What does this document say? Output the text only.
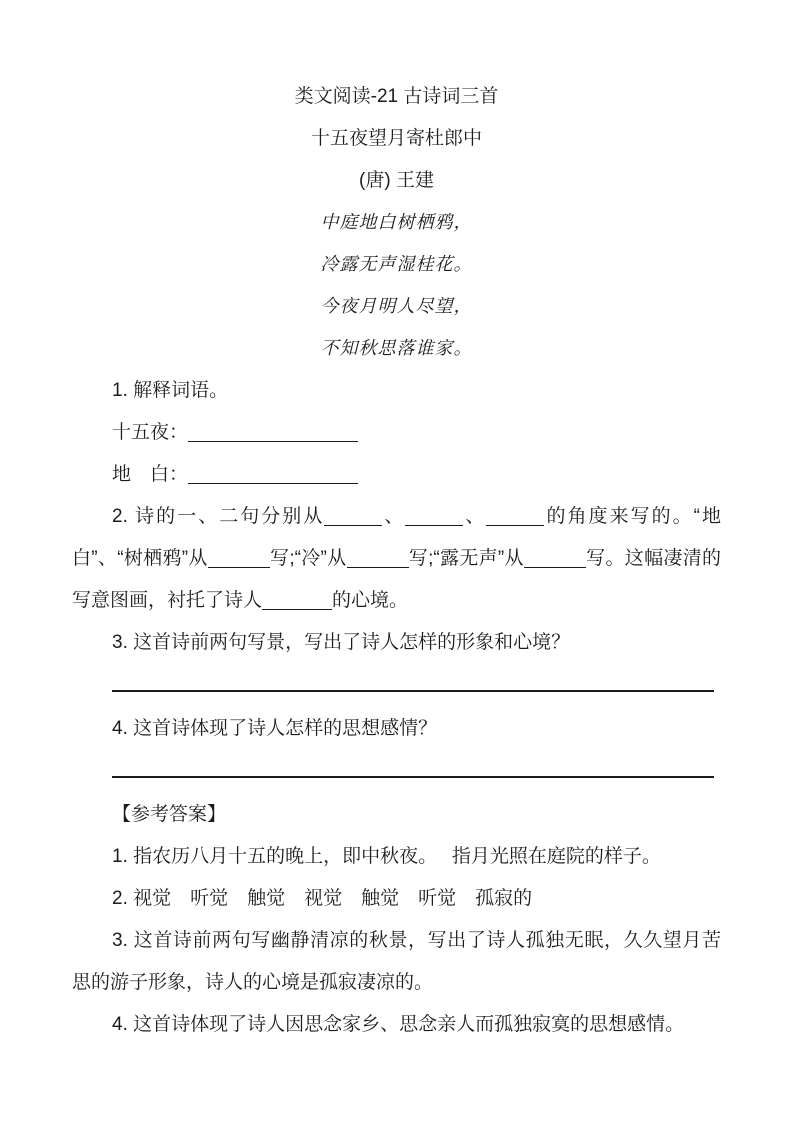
类文阅读-21 古诗词三首

十五夜望月寄杜郎中

(唐) 王建

中庭地白树栖鸦，

冷露无声湿桂花。

今夜月明人尽望，

不知秋思落谁家。

1. 解释词语。

十五夜：

地　白：

2. 诗的一、二句分别从	、	、	的角度来写的。“地白”、“树栖鸦”从	写;“冷”从	写;“露无声”从	写。这幅凄清的写意图画，衬托了诗人	的心境。

3. 这首诗前两句写景，写出了诗人怎样的形象和心境？

4. 这首诗体现了诗人怎样的思想感情？

【参考答案】

1. 指农历八月十五的晚上，即中秋夜。　 指月光照在庭院的样子。

2. 视觉　听觉　触觉　视觉　触觉　听觉　孤寂的

3. 这首诗前两句写幽静清凉的秋景，写出了诗人孤独无眠，久久望月苦思的游子形象，诗人的心境是孤寂凄凉的。

4. 这首诗体现了诗人因思念家乡、思念亲人而孤独寂寞的思想感情。
